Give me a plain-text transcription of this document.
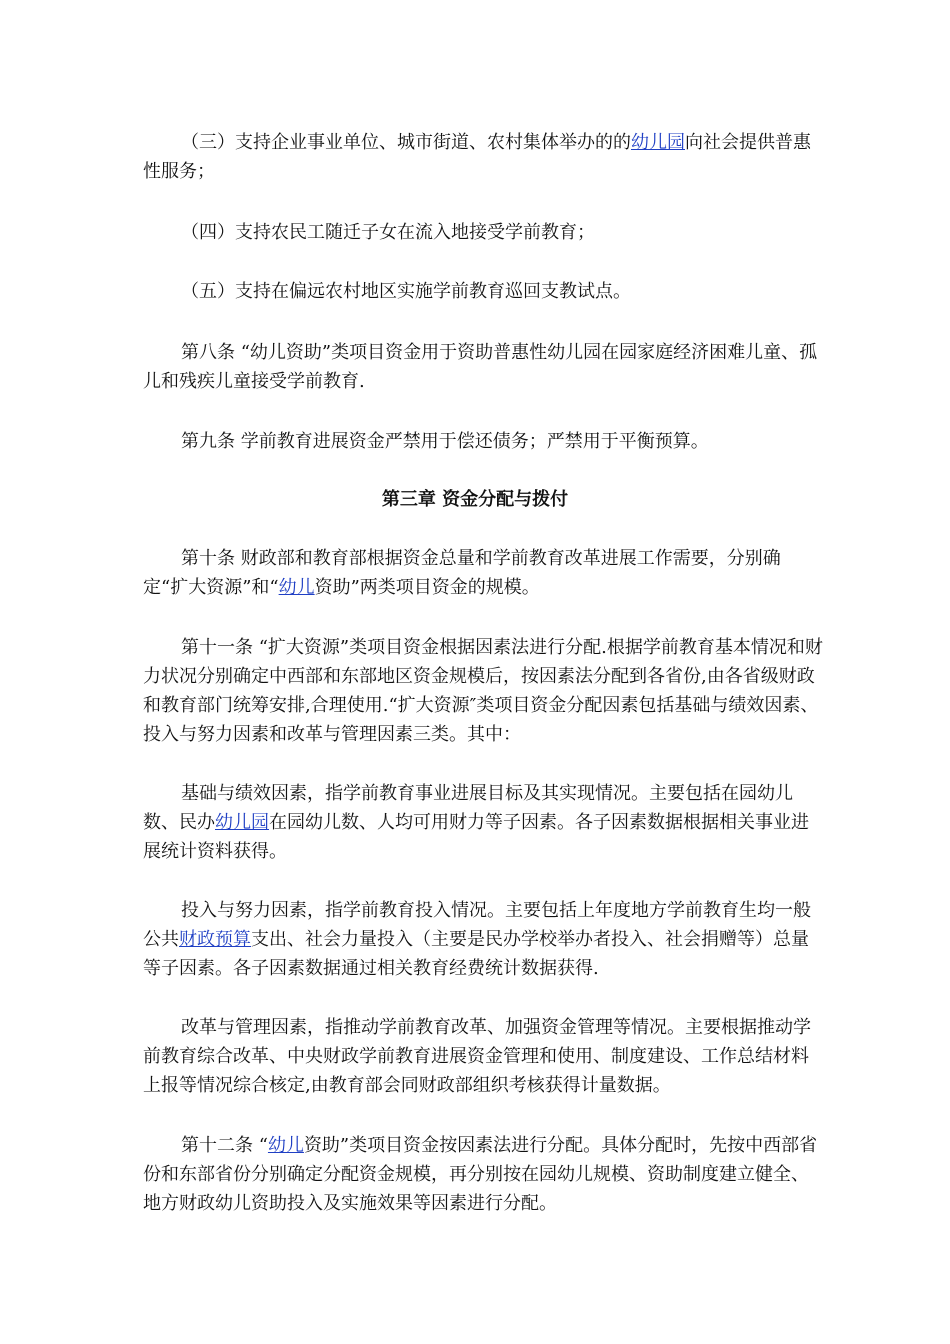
（三）支持企业事业单位、城市街道、农村集体举办的的幼儿园向社会提供普惠性服务；

（四）支持农民工随迁子女在流入地接受学前教育；

（五）支持在偏远农村地区实施学前教育巡回支教试点。

第八条 “幼儿资助”类项目资金用于资助普惠性幼儿园在园家庭经济困难儿童、孤儿和残疾儿童接受学前教育.

第九条 学前教育进展资金严禁用于偿还债务；严禁用于平衡预算。

第三章 资金分配与拨付

第十条 财政部和教育部根据资金总量和学前教育改革进展工作需要，分别确定“扩大资源”和“幼儿资助”两类项目资金的规模。

第十一条 “扩大资源”类项目资金根据因素法进行分配.根据学前教育基本情况和财力状况分别确定中西部和东部地区资金规模后，按因素法分配到各省份,由各省级财政和教育部门统筹安排,合理使用.“扩大资源″类项目资金分配因素包括基础与绩效因素、投入与努力因素和改革与管理因素三类。其中：

基础与绩效因素，指学前教育事业进展目标及其实现情况。主要包括在园幼儿数、民办幼儿园在园幼儿数、人均可用财力等子因素。各子因素数据根据相关事业进展统计资料获得。

投入与努力因素，指学前教育投入情况。主要包括上年度地方学前教育生均一般公共财政预算支出、社会力量投入（主要是民办学校举办者投入、社会捐赠等）总量等子因素。各子因素数据通过相关教育经费统计数据获得.

改革与管理因素，指推动学前教育改革、加强资金管理等情况。主要根据推动学前教育综合改革、中央财政学前教育进展资金管理和使用、制度建设、工作总结材料上报等情况综合核定,由教育部会同财政部组织考核获得计量数据。

第十二条 “幼儿资助”类项目资金按因素法进行分配。具体分配时，先按中西部省份和东部省份分别确定分配资金规模，再分别按在园幼儿规模、资助制度建立健全、地方财政幼儿资助投入及实施效果等因素进行分配。
